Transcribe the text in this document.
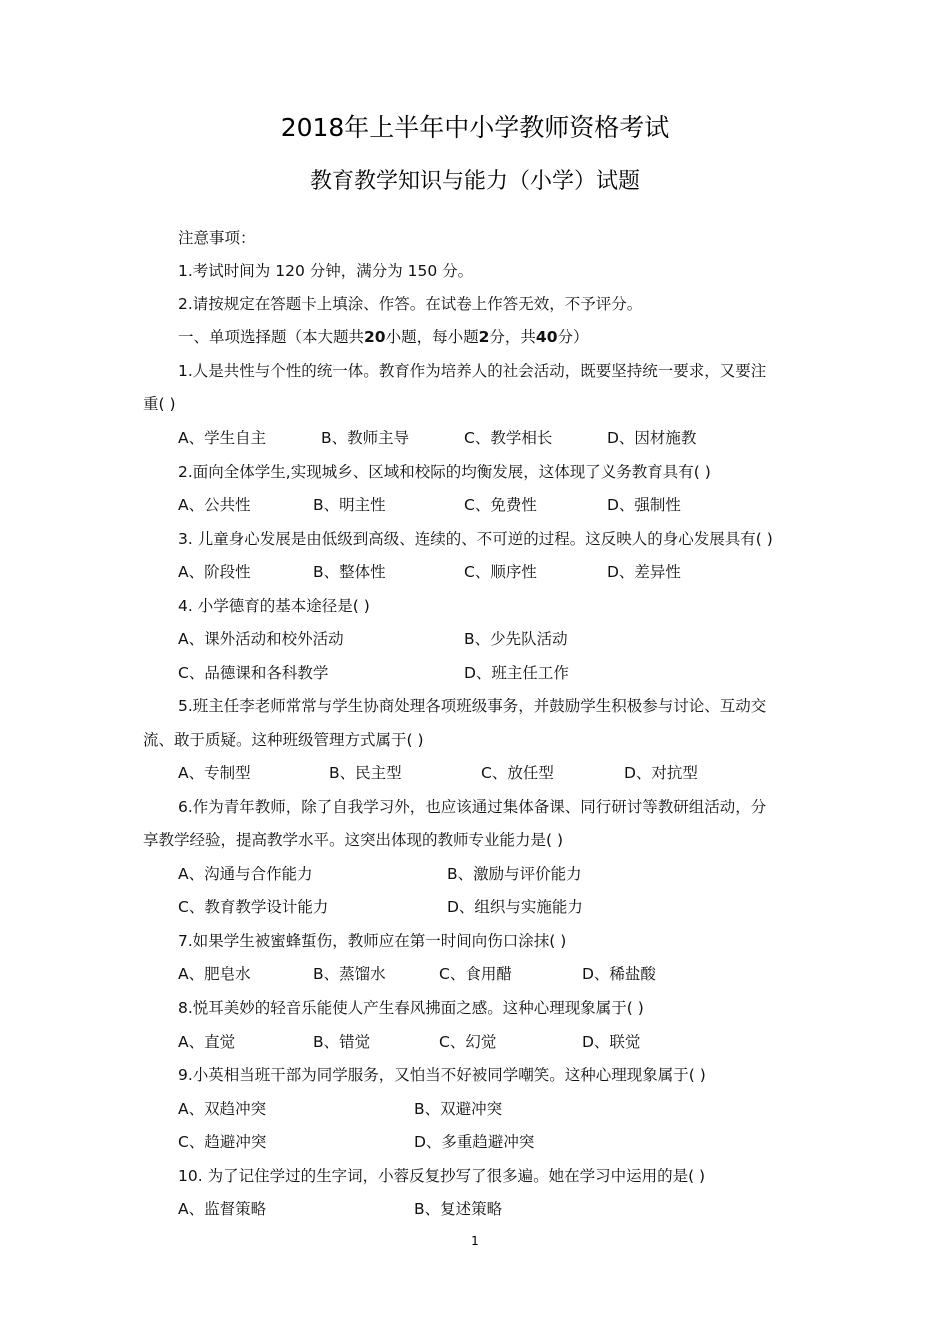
2018年上半年中小学教师资格考试
教育教学知识与能力（小学）试题
注意事项：
1.考试时间为 120 分钟，满分为 150 分。
2.请按规定在答题卡上填涂、作答。在试卷上作答无效，不予评分。
一、单项选择题（本大题共20小题，每小题2分，共40分）
1.人是共性与个性的统一体。教育作为培养人的社会活动，既要坚持统一要求，又要注
重( )
A、学生自主	B、教师主导	C、教学相长	D、因材施教
2.面向全体学生,实现城乡、区域和校际的均衡发展，这体现了义务教育具有( )
A、公共性	B、明主性	C、免费性	D、强制性
3. 儿童身心发展是由低级到高级、连续的、不可逆的过程。这反映人的身心发展具有( )
A、阶段性	B、整体性	C、顺序性	D、差异性
4. 小学德育的基本途径是( )
A、课外活动和校外活动	B、少先队活动
C、品德课和各科教学	D、班主任工作
5.班主任李老师常常与学生协商处理各项班级事务，并鼓励学生积极参与讨论、互动交
流、敢于质疑。这种班级管理方式属于( )
A、专制型	B、民主型	C、放任型	D、对抗型
6.作为青年教师，除了自我学习外，也应该通过集体备课、同行研讨等教研组活动，分
享教学经验，提高教学水平。这突出体现的教师专业能力是( )
A、沟通与合作能力	B、激励与评价能力
C、教育教学设计能力	D、组织与实施能力
7.如果学生被蜜蜂蜇伤，教师应在第一时间向伤口涂抹( )
A、肥皂水	B、蒸馏水	C、食用醋	D、稀盐酸
8.悦耳美妙的轻音乐能使人产生春风拂面之感。这种心理现象属于( )
A、直觉	B、错觉	C、幻觉	D、联觉
9.小英相当班干部为同学服务，又怕当不好被同学嘲笑。这种心理现象属于( )
A、双趋冲突	B、双避冲突
C、趋避冲突	D、多重趋避冲突
10. 为了记住学过的生字词，小蓉反复抄写了很多遍。她在学习中运用的是( )
A、监督策略	B、复述策略
1
